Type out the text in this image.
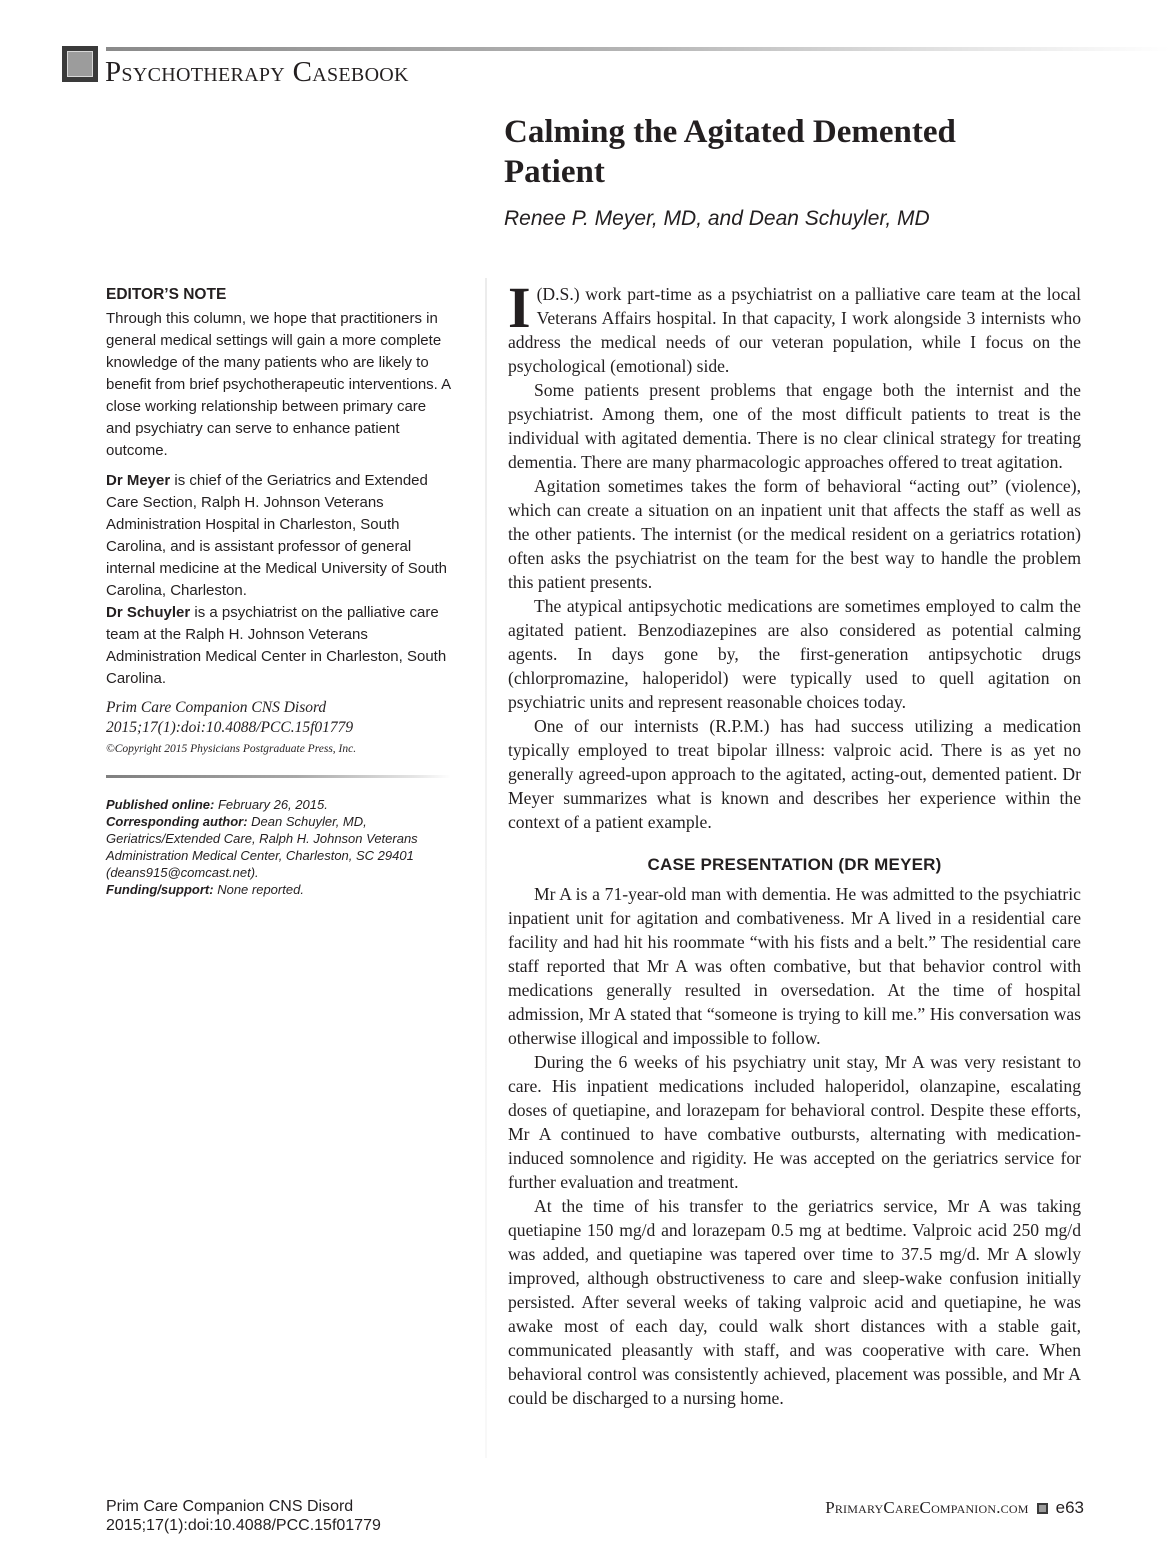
Psychotherapy Casebook
Calming the Agitated Demented Patient
Renee P. Meyer, MD, and Dean Schuyler, MD
EDITOR’S NOTE
Through this column, we hope that practitioners in general medical settings will gain a more complete knowledge of the many patients who are likely to benefit from brief psychotherapeutic interventions. A close working relationship between primary care and psychiatry can serve to enhance patient outcome.
Dr Meyer is chief of the Geriatrics and Extended Care Section, Ralph H. Johnson Veterans Administration Hospital in Charleston, South Carolina, and is assistant professor of general internal medicine at the Medical University of South Carolina, Charleston.
Dr Schuyler is a psychiatrist on the palliative care team at the Ralph H. Johnson Veterans Administration Medical Center in Charleston, South Carolina.
Prim Care Companion CNS Disord
2015;17(1):doi:10.4088/PCC.15f01779
©Copyright 2015 Physicians Postgraduate Press, Inc.
Published online: February 26, 2015.
Corresponding author: Dean Schuyler, MD, Geriatrics/Extended Care, Ralph H. Johnson Veterans Administration Medical Center, Charleston, SC 29401 (deans915@comcast.net).
Funding/support: None reported.

I (D.S.) work part-time as a psychiatrist on a palliative care team at the local Veterans Affairs hospital. In that capacity, I work alongside 3 internists who address the medical needs of our veteran population, while I focus on the psychological (emotional) side.

Some patients present problems that engage both the internist and the psychiatrist. Among them, one of the most difficult patients to treat is the individual with agitated dementia. There is no clear clinical strategy for treating dementia. There are many pharmacologic approaches offered to treat agitation.

Agitation sometimes takes the form of behavioral “acting out” (violence), which can create a situation on an inpatient unit that affects the staff as well as the other patients. The internist (or the medical resident on a geriatrics rotation) often asks the psychiatrist on the team for the best way to handle the problem this patient presents.

The atypical antipsychotic medications are sometimes employed to calm the agitated patient. Benzodiazepines are also considered as potential calming agents. In days gone by, the first-generation antipsychotic drugs (chlorpromazine, haloperidol) were typically used to quell agitation on psychiatric units and represent reasonable choices today.

One of our internists (R.P.M.) has had success utilizing a medication typically employed to treat bipolar illness: valproic acid. There is as yet no generally agreed-upon approach to the agitated, acting-out, demented patient. Dr Meyer summarizes what is known and describes her experience within the context of a patient example.

CASE PRESENTATION (DR MEYER)

Mr A is a 71-year-old man with dementia. He was admitted to the psychiatric inpatient unit for agitation and combativeness. Mr A lived in a residential care facility and had hit his roommate “with his fists and a belt.” The residential care staff reported that Mr A was often combative, but that behavior control with medications generally resulted in oversedation. At the time of hospital admission, Mr A stated that “someone is trying to kill me.” His conversation was otherwise illogical and impossible to follow.

During the 6 weeks of his psychiatry unit stay, Mr A was very resistant to care. His inpatient medications included haloperidol, olanzapine, escalating doses of quetiapine, and lorazepam for behavioral control. Despite these efforts, Mr A continued to have combative outbursts, alternating with medication-induced somnolence and rigidity. He was accepted on the geriatrics service for further evaluation and treatment.

At the time of his transfer to the geriatrics service, Mr A was taking quetiapine 150 mg/d and lorazepam 0.5 mg at bedtime. Valproic acid 250 mg/d was added, and quetiapine was tapered over time to 37.5 mg/d. Mr A slowly improved, although obstructiveness to care and sleep-wake confusion initially persisted. After several weeks of taking valproic acid and quetiapine, he was awake most of each day, could walk short distances with a stable gait, communicated pleasantly with staff, and was cooperative with care. When behavioral control was consistently achieved, placement was possible, and Mr A could be discharged to a nursing home.

Prim Care Companion CNS Disord
2015;17(1):doi:10.4088/PCC.15f01779
PrimaryCareCompanion.com e63
